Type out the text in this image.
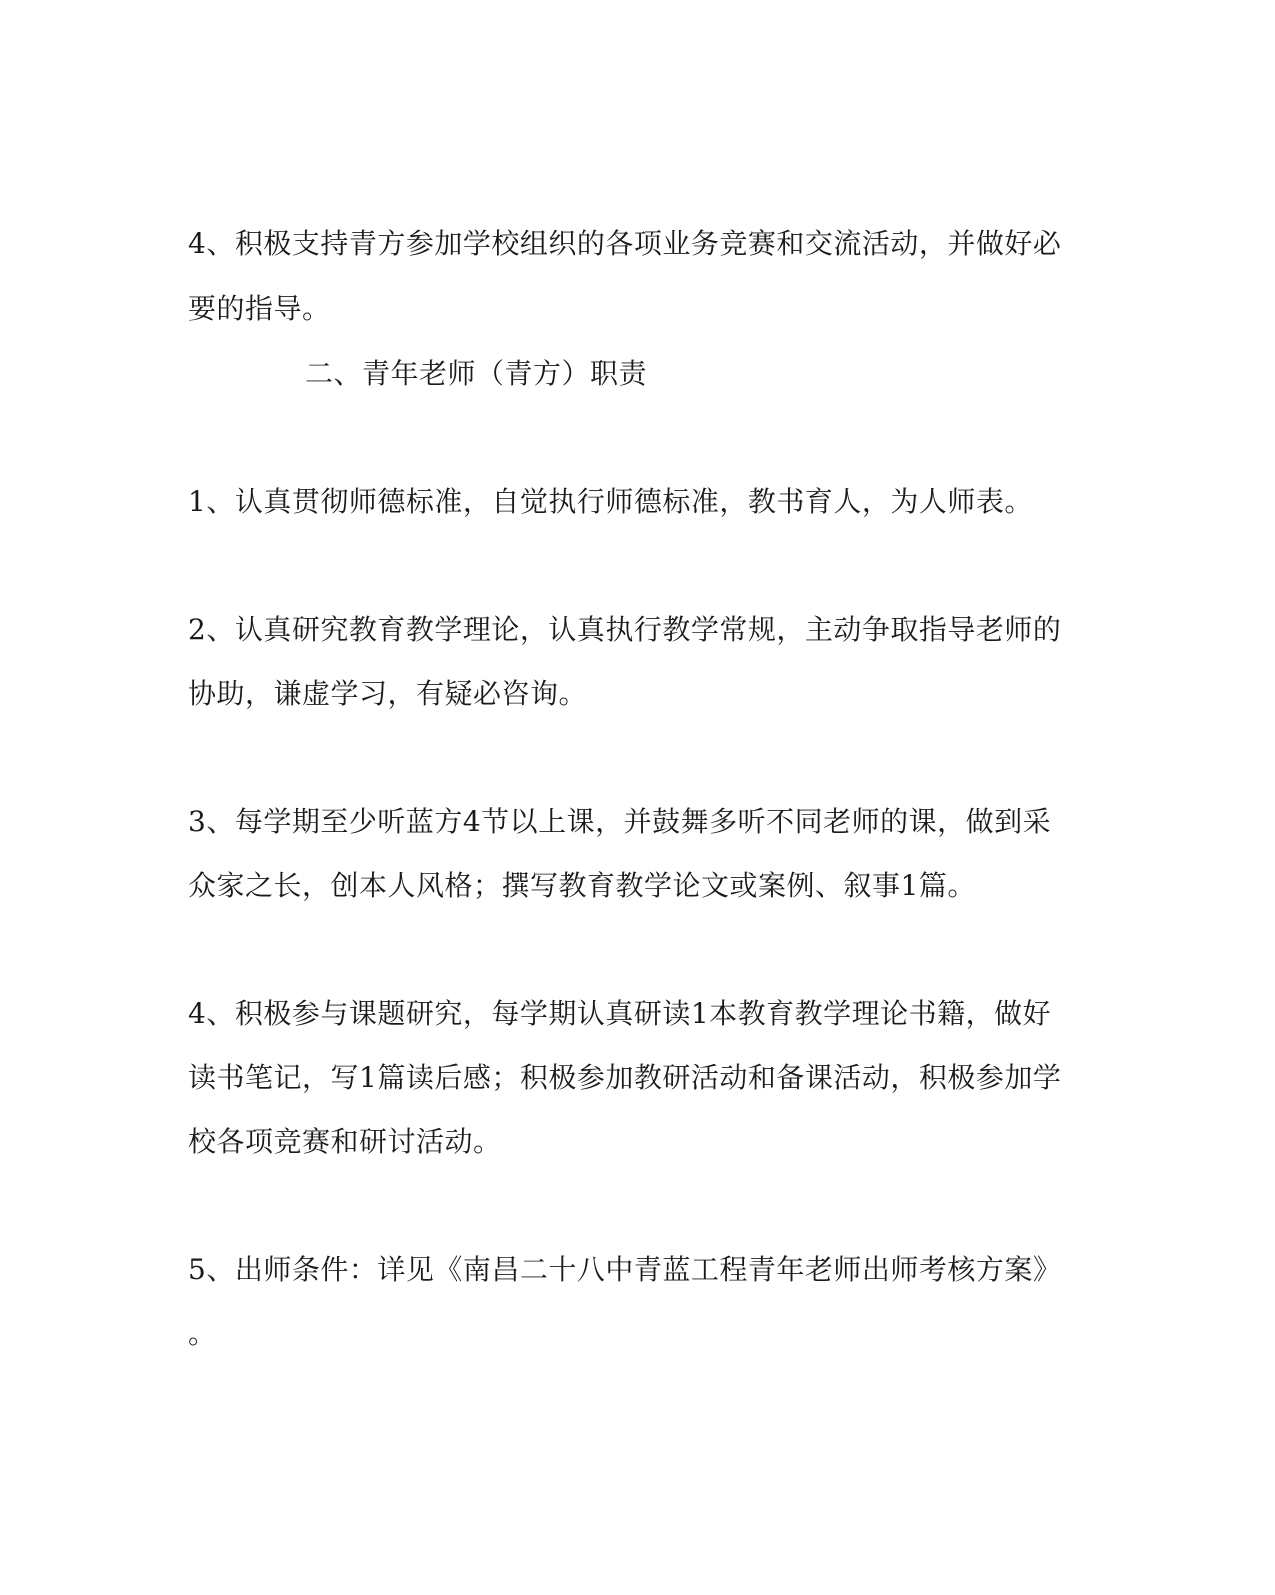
4、积极支持青方参加学校组织的各项业务竞赛和交流活动，并做好必
要的指导。
二、青年老师（青方）职责
1、认真贯彻师德标准，自觉执行师德标准，教书育人，为人师表。
2、认真研究教育教学理论，认真执行教学常规，主动争取指导老师的
协助，谦虚学习，有疑必咨询。
3、每学期至少听蓝方4节以上课，并鼓舞多听不同老师的课，做到采
众家之长，创本人风格；撰写教育教学论文或案例、叙事1篇。
4、积极参与课题研究，每学期认真研读1本教育教学理论书籍，做好
读书笔记，写1篇读后感；积极参加教研活动和备课活动，积极参加学
校各项竞赛和研讨活动。
5、出师条件：详见《南昌二十八中青蓝工程青年老师出师考核方案》
。
